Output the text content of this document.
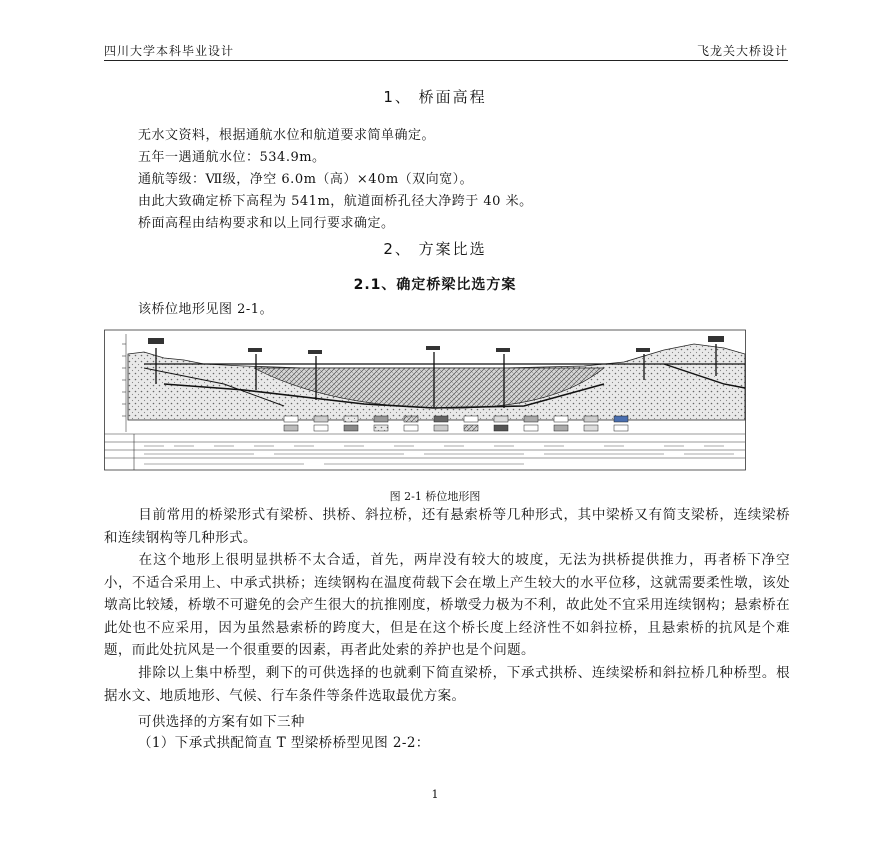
四川大学本科毕业设计	飞龙关大桥设计
1、 桥面高程
无水文资料，根据通航水位和航道要求简单确定。
五年一遇通航水位：534.9m。
通航等级：Ⅶ级，净空 6.0m（高）×40m（双向宽）。
由此大致确定桥下高程为 541m，航道面桥孔径大净跨于 40 米。
桥面高程由结构要求和以上同行要求确定。
2、 方案比选
2.1、确定桥梁比选方案
该桥位地形见图 2-1。
图 2-1 桥位地形图
目前常用的桥梁形式有梁桥、拱桥、斜拉桥，还有悬索桥等几种形式，其中梁桥又有简支梁桥，连续梁桥和连续钢构等几种形式。
在这个地形上很明显拱桥不太合适，首先，两岸没有较大的坡度，无法为拱桥提供推力，再者桥下净空小，不适合采用上、中承式拱桥；连续钢构在温度荷载下会在墩上产生较大的水平位移，这就需要柔性墩，该处墩高比较矮，桥墩不可避免的会产生很大的抗推刚度，桥墩受力极为不利，故此处不宜采用连续钢构；悬索桥在此处也不应采用，因为虽然悬索桥的跨度大，但是在这个桥长度上经济性不如斜拉桥，且悬索桥的抗风是个难题，而此处抗风是一个很重要的因素，再者此处索的养护也是个问题。
排除以上集中桥型，剩下的可供选择的也就剩下简直梁桥，下承式拱桥、连续梁桥和斜拉桥几种桥型。根据水文、地质地形、气候、行车条件等条件选取最优方案。
可供选择的方案有如下三种
（1）下承式拱配简直 T 型梁桥桥型见图 2-2：
1
